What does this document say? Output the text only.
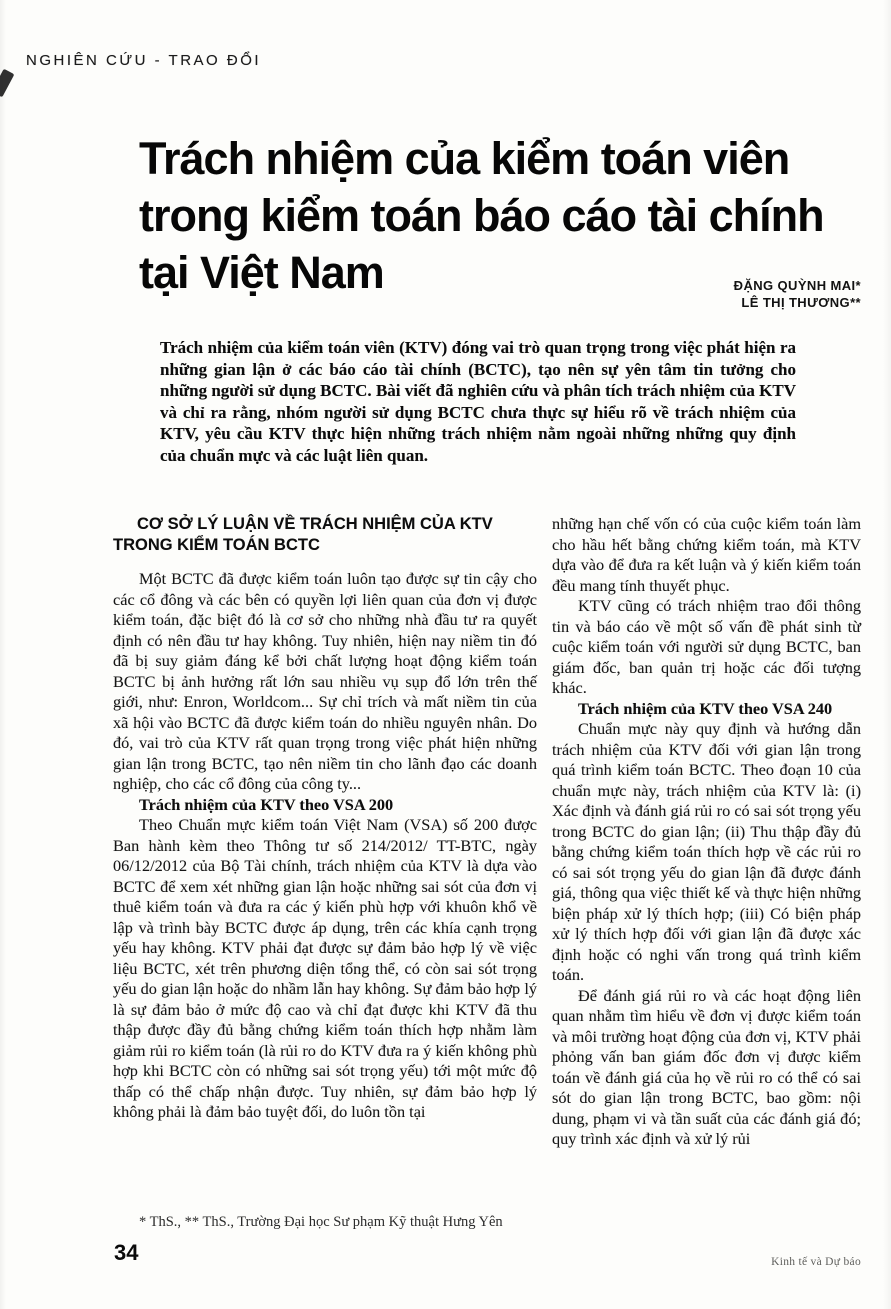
NGHIÊN CỨU - TRAO ĐỔI
Trách nhiệm của kiểm toán viên
trong kiểm toán báo cáo tài chính
tại Việt Nam	ĐẶNG QUỲNH MAI*
LÊ THỊ THƯƠNG**
Trách nhiệm của kiểm toán viên (KTV) đóng vai trò quan trọng trong việc phát hiện ra những gian lận ở các báo cáo tài chính (BCTC), tạo nên sự yên tâm tin tưởng cho những người sử dụng BCTC. Bài viết đã nghiên cứu và phân tích trách nhiệm của KTV và chỉ ra rằng, nhóm người sử dụng BCTC chưa thực sự hiểu rõ về trách nhiệm của KTV, yêu cầu KTV thực hiện những trách nhiệm nằm ngoài những những quy định của chuẩn mực và các luật liên quan.
CƠ SỞ LÝ LUẬN VỀ TRÁCH NHIỆM CỦA KTV TRONG KIỂM TOÁN BCTC

Một BCTC đã được kiểm toán luôn tạo được sự tin cậy cho các cổ đông và các bên có quyền lợi liên quan của đơn vị được kiểm toán, đặc biệt đó là cơ sở cho những nhà đầu tư ra quyết định có nên đầu tư hay không. Tuy nhiên, hiện nay niềm tin đó đã bị suy giảm đáng kể bởi chất lượng hoạt động kiểm toán BCTC bị ảnh hưởng rất lớn sau nhiều vụ sụp đổ lớn trên thế giới, như: Enron, Worldcom... Sự chỉ trích và mất niềm tin của xã hội vào BCTC đã được kiểm toán do nhiều nguyên nhân. Do đó, vai trò của KTV rất quan trọng trong việc phát hiện những gian lận trong BCTC, tạo nên niềm tin cho lãnh đạo các doanh nghiệp, cho các cổ đông của công ty...

Trách nhiệm của KTV theo VSA 200

Theo Chuẩn mực kiểm toán Việt Nam (VSA) số 200 được Ban hành kèm theo Thông tư số 214/2012/ TT-BTC, ngày 06/12/2012 của Bộ Tài chính, trách nhiệm của KTV là dựa vào BCTC để xem xét những gian lận hoặc những sai sót của đơn vị thuê kiểm toán và đưa ra các ý kiến phù hợp với khuôn khổ về lập và trình bày BCTC được áp dụng, trên các khía cạnh trọng yếu hay không. KTV phải đạt được sự đảm bảo hợp lý về việc liệu BCTC, xét trên phương diện tổng thể, có còn sai sót trọng yếu do gian lận hoặc do nhầm lẫn hay không. Sự đảm bảo hợp lý là sự đảm bảo ở mức độ cao và chỉ đạt được khi KTV đã thu thập được đầy đủ bằng chứng kiểm toán thích hợp nhằm làm giảm rủi ro kiểm toán (là rủi ro do KTV đưa ra ý kiến không phù hợp khi BCTC còn có những sai sót trọng yếu) tới một mức độ thấp có thể chấp nhận được. Tuy nhiên, sự đảm bảo hợp lý không phải là đảm bảo tuyệt đối, do luôn tồn tại

những hạn chế vốn có của cuộc kiểm toán làm cho hầu hết bằng chứng kiểm toán, mà KTV dựa vào để đưa ra kết luận và ý kiến kiểm toán đều mang tính thuyết phục.

KTV cũng có trách nhiệm trao đổi thông tin và báo cáo về một số vấn đề phát sinh từ cuộc kiểm toán với người sử dụng BCTC, ban giám đốc, ban quản trị hoặc các đối tượng khác.

Trách nhiệm của KTV theo VSA 240

Chuẩn mực này quy định và hướng dẫn trách nhiệm của KTV đối với gian lận trong quá trình kiểm toán BCTC. Theo đoạn 10 của chuẩn mực này, trách nhiệm của KTV là: (i) Xác định và đánh giá rủi ro có sai sót trọng yếu trong BCTC do gian lận; (ii) Thu thập đầy đủ bằng chứng kiểm toán thích hợp về các rủi ro có sai sót trọng yếu do gian lận đã được đánh giá, thông qua việc thiết kế và thực hiện những biện pháp xử lý thích hợp; (iii) Có biện pháp xử lý thích hợp đối với gian lận đã được xác định hoặc có nghi vấn trong quá trình kiểm toán.

Để đánh giá rủi ro và các hoạt động liên quan nhằm tìm hiểu về đơn vị được kiểm toán và môi trường hoạt động của đơn vị, KTV phải phỏng vấn ban giám đốc đơn vị được kiểm toán về đánh giá của họ về rủi ro có thể có sai sót do gian lận trong BCTC, bao gồm: nội dung, phạm vi và tần suất của các đánh giá đó; quy trình xác định và xử lý rủi

* ThS., ** ThS., Trường Đại học Sư phạm Kỹ thuật Hưng Yên
34	Kinh tế và Dự báo
